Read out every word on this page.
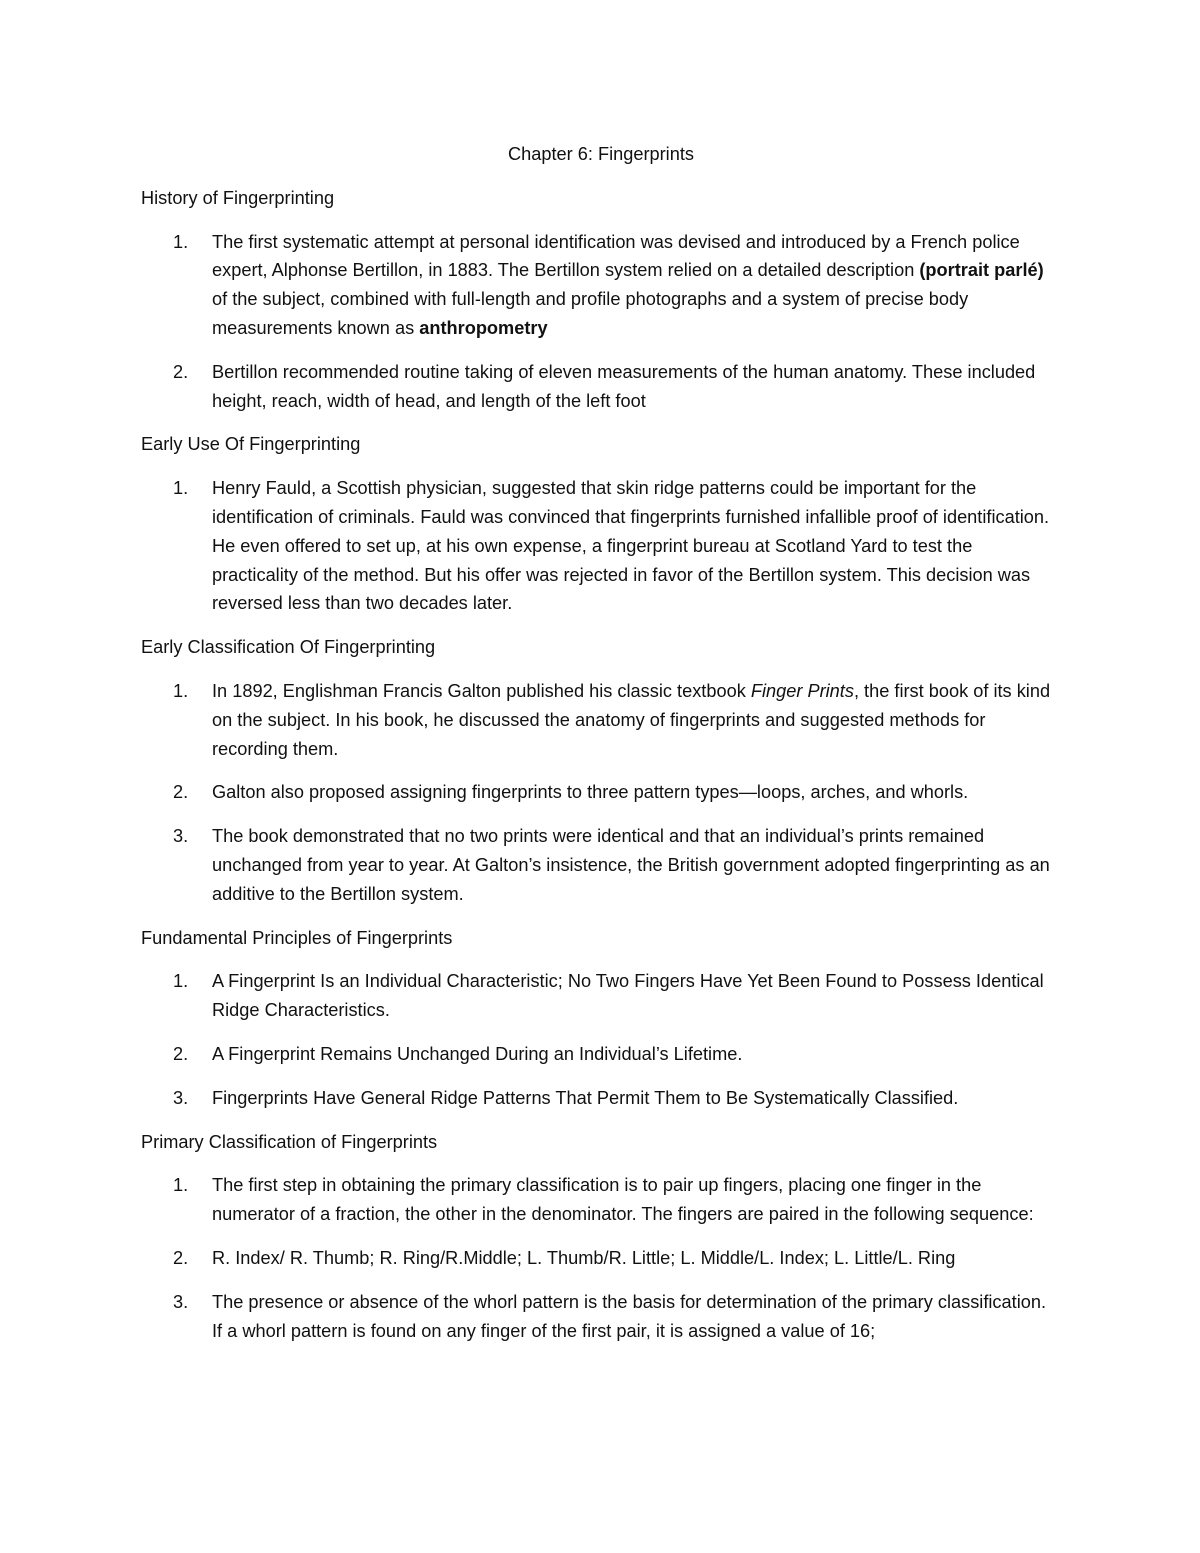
Chapter 6: Fingerprints
History of Fingerprinting
1. The first systematic attempt at personal identification was devised and introduced by a French police expert, Alphonse Bertillon, in 1883. The Bertillon system relied on a detailed description (portrait parlé) of the subject, combined with full-length and profile photographs and a system of precise body measurements known as anthropometry
2. Bertillon recommended routine taking of eleven measurements of the human anatomy. These included height, reach, width of head, and length of the left foot
Early Use Of Fingerprinting
1. Henry Fauld, a Scottish physician, suggested that skin ridge patterns could be important for the identification of criminals. Fauld was convinced that fingerprints furnished infallible proof of identification. He even offered to set up, at his own expense, a fingerprint bureau at Scotland Yard to test the practicality of the method. But his offer was rejected in favor of the Bertillon system. This decision was reversed less than two decades later.
Early Classification Of Fingerprinting
1. In 1892, Englishman Francis Galton published his classic textbook Finger Prints, the first book of its kind on the subject. In his book, he discussed the anatomy of fingerprints and suggested methods for recording them.
2. Galton also proposed assigning fingerprints to three pattern types—loops, arches, and whorls.
3. The book demonstrated that no two prints were identical and that an individual’s prints remained unchanged from year to year. At Galton’s insistence, the British government adopted fingerprinting as an additive to the Bertillon system.
Fundamental Principles of Fingerprints
1. A Fingerprint Is an Individual Characteristic; No Two Fingers Have Yet Been Found to Possess Identical Ridge Characteristics.
2. A Fingerprint Remains Unchanged During an Individual’s Lifetime.
3. Fingerprints Have General Ridge Patterns That Permit Them to Be Systematically Classified.
Primary Classification of Fingerprints
1. The first step in obtaining the primary classification is to pair up fingers, placing one finger in the numerator of a fraction, the other in the denominator. The fingers are paired in the following sequence:
2. R. Index/ R. Thumb; R. Ring/R.Middle; L. Thumb/R. Little; L. Middle/L. Index; L. Little/L. Ring
3. The presence or absence of the whorl pattern is the basis for determination of the primary classification. If a whorl pattern is found on any finger of the first pair, it is assigned a value of 16;
